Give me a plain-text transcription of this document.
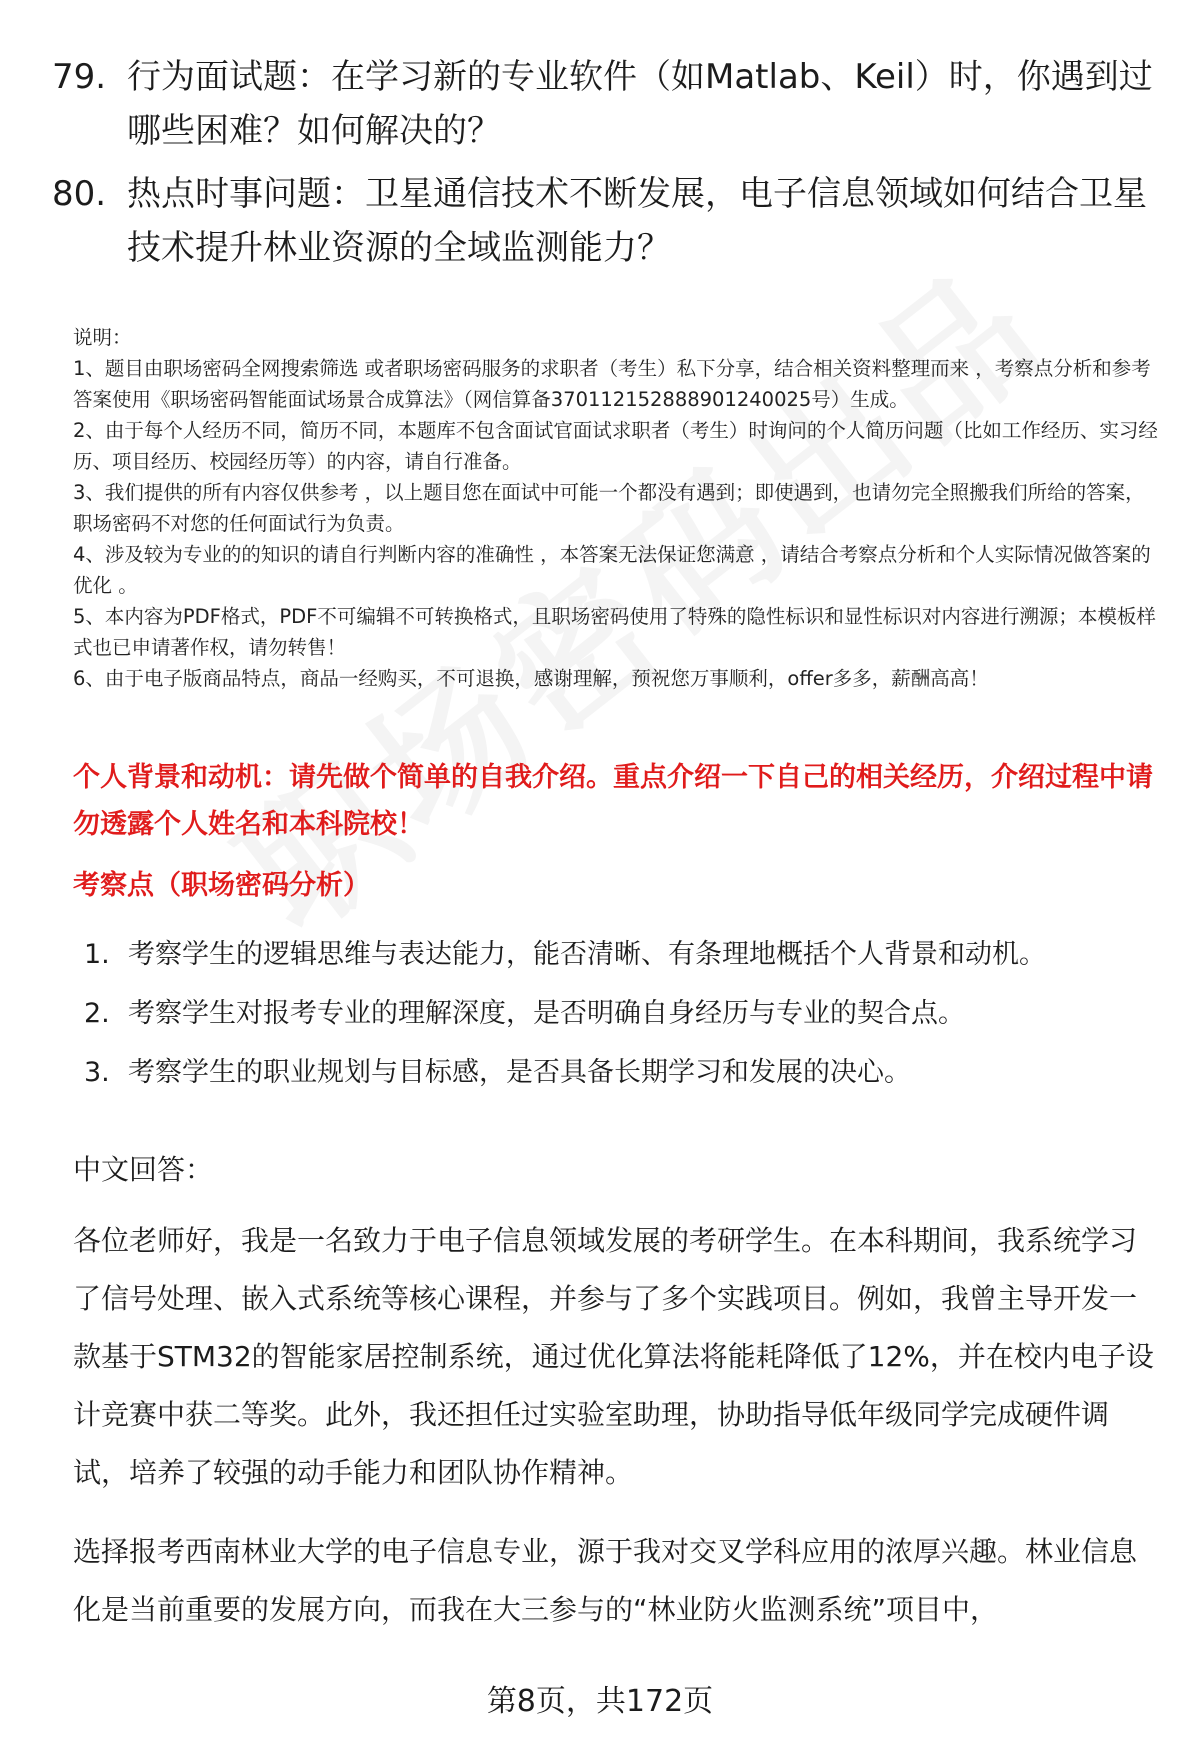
79. 行为面试题：在学习新的专业软件（如Matlab、Keil）时，你遇到过哪些困难？如何解决的？
80. 热点时事问题：卫星通信技术不断发展，电子信息领域如何结合卫星技术提升林业资源的全域监测能力？
说明：
1、题目由职场密码全网搜索筛选 或者职场密码服务的求职者（考生）私下分享，结合相关资料整理而来 ，考察点分析和参考答案使用《职场密码智能面试场景合成算法》（网信算备370112152888901240025号）生成。
2、由于每个人经历不同，简历不同，本题库不包含面试官面试求职者（考生）时询问的个人简历问题（比如工作经历、实习经历、项目经历、校园经历等）的内容，请自行准备。
3、我们提供的所有内容仅供参考 ，以上题目您在面试中可能一个都没有遇到；即使遇到，也请勿完全照搬我们所给的答案，职场密码不对您的任何面试行为负责。
4、涉及较为专业的的知识的请自行判断内容的准确性 ，本答案无法保证您满意 ，请结合考察点分析和个人实际情况做答案的优化 。
5、本内容为PDF格式，PDF不可编辑不可转换格式，且职场密码使用了特殊的隐性标识和显性标识对内容进行溯源；本模板样式也已申请著作权，请勿转售！
6、由于电子版商品特点，商品一经购买，不可退换，感谢理解，预祝您万事顺利，offer多多，薪酬高高！
个人背景和动机：请先做个简单的自我介绍。重点介绍一下自己的相关经历，介绍过程中请勿透露个人姓名和本科院校！
考察点（职场密码分析）
1. 考察学生的逻辑思维与表达能力，能否清晰、有条理地概括个人背景和动机。
2. 考察学生对报考专业的理解深度，是否明确自身经历与专业的契合点。
3. 考察学生的职业规划与目标感，是否具备长期学习和发展的决心。
中文回答：
各位老师好，我是一名致力于电子信息领域发展的考研学生。在本科期间，我系统学习了信号处理、嵌入式系统等核心课程，并参与了多个实践项目。例如，我曾主导开发一款基于STM32的智能家居控制系统，通过优化算法将能耗降低了12%，并在校内电子设计竞赛中获二等奖。此外，我还担任过实验室助理，协助指导低年级同学完成硬件调试，培养了较强的动手能力和团队协作精神。
选择报考西南林业大学的电子信息专业，源于我对交叉学科应用的浓厚兴趣。林业信息化是当前重要的发展方向，而我在大三参与的“林业防火监测系统”项目中，
第8页，共172页
